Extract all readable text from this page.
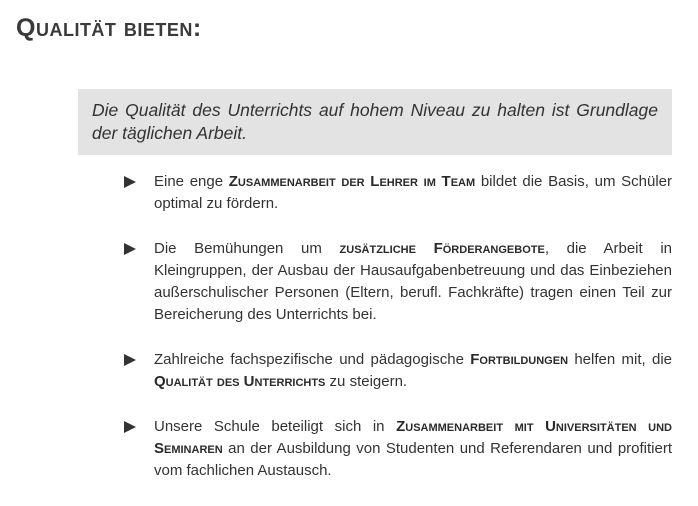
Qualität bieten:
Die Qualität des Unterrichts auf hohem Niveau zu halten ist Grundlage der täglichen Arbeit.
Eine enge Zusammenarbeit der Lehrer im Team bildet die Basis, um Schüler optimal zu fördern.
Die Bemühungen um zusätzliche Förderangebote, die Arbeit in Kleingruppen, der Ausbau der Hausaufgabenbetreuung und das Einbeziehen außerschulischer Personen (Eltern, berufl. Fachkräfte) tragen einen Teil zur Bereicherung des Unterrichts bei.
Zahlreiche fachspezifische und pädagogische Fortbildungen helfen mit, die Qualität des Unterrichts zu steigern.
Unsere Schule beteiligt sich in Zusammenarbeit mit Universitäten und Seminaren an der Ausbildung von Studenten und Referendaren und profitiert vom fachlichen Austausch.
